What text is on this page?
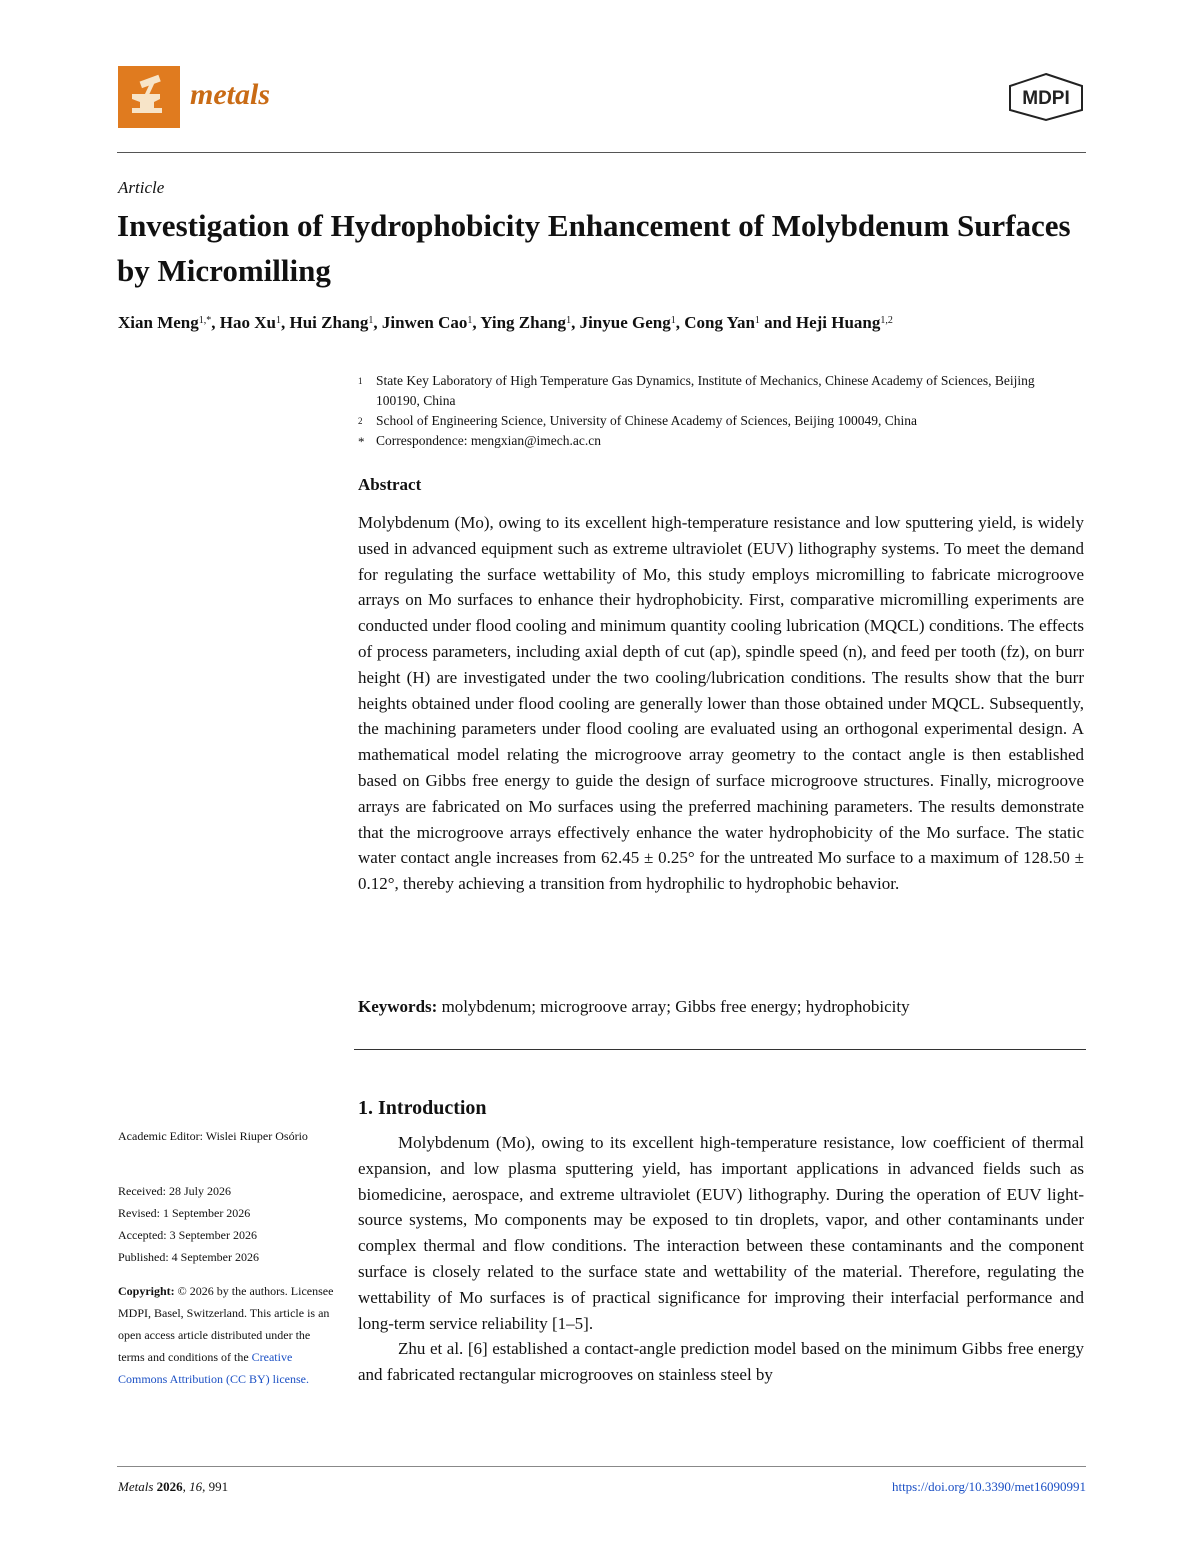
metals	MDPI
Article
Investigation of Hydrophobicity Enhancement of Molybdenum Surfaces by Micromilling
Xian Meng$^{1,*}$, Hao Xu$^1$, Hui Zhang$^1$, Jinwen Cao$^1$, Ying Zhang$^1$, Jinyue Geng$^1$, Cong Yan$^1$ and Heji Huang$^{1,2}$
1 State Key Laboratory of High Temperature Gas Dynamics, Institute of Mechanics, Chinese Academy of Sciences, Beijing 100190, China
2 School of Engineering Science, University of Chinese Academy of Sciences, Beijing 100049, China
* Correspondence: mengxian@imech.ac.cn
Abstract
Molybdenum (Mo), owing to its excellent high-temperature resistance and low sputtering yield, is widely used in advanced equipment such as extreme ultraviolet (EUV) lithography systems. To meet the demand for regulating the surface wettability of Mo, this study employs micromilling to fabricate microgroove arrays on Mo surfaces to enhance their hydrophobicity. First, comparative micromilling experiments are conducted under flood cooling and minimum quantity cooling lubrication (MQCL) conditions. The effects of process parameters, including axial depth of cut (ap), spindle speed (n), and feed per tooth (fz), on burr height (H) are investigated under the two cooling/lubrication conditions. The results show that the burr heights obtained under flood cooling are generally lower than those obtained under MQCL. Subsequently, the machining parameters under flood cooling are evaluated using an orthogonal experimental design. A mathematical model relating the microgroove array geometry to the contact angle is then established based on Gibbs free energy to guide the design of surface microgroove structures. Finally, microgroove arrays are fabricated on Mo surfaces using the preferred machining parameters. The results demonstrate that the microgroove arrays effectively enhance the water hydrophobicity of the Mo surface. The static water contact angle increases from 62.45 ± 0.25° for the untreated Mo surface to a maximum of 128.50 ± 0.12°, thereby achieving a transition from hydrophilic to hydrophobic behavior.
Keywords: molybdenum; microgroove array; Gibbs free energy; hydrophobicity
Academic Editor: Wislei Riuper Osório
Received: 28 July 2026
Revised: 1 September 2026
Accepted: 3 September 2026
Published: 4 September 2026
Copyright: © 2026 by the authors. Licensee MDPI, Basel, Switzerland. This article is an open access article distributed under the terms and conditions of the Creative Commons Attribution (CC BY) license.
1. Introduction

Molybdenum (Mo), owing to its excellent high-temperature resistance, low coefficient of thermal expansion, and low plasma sputtering yield, has important applications in advanced fields such as biomedicine, aerospace, and extreme ultraviolet (EUV) lithography. During the operation of EUV light-source systems, Mo components may be exposed to tin droplets, vapor, and other contaminants under complex thermal and flow conditions. The interaction between these contaminants and the component surface is closely related to the surface state and wettability of the material. Therefore, regulating the wettability of Mo surfaces is of practical significance for improving their interfacial performance and long-term service reliability [1–5].

Zhu et al. [6] established a contact-angle prediction model based on the minimum Gibbs free energy and fabricated rectangular microgrooves on stainless steel by

Metals 2026, 16, 991	https://doi.org/10.3390/met16090991
